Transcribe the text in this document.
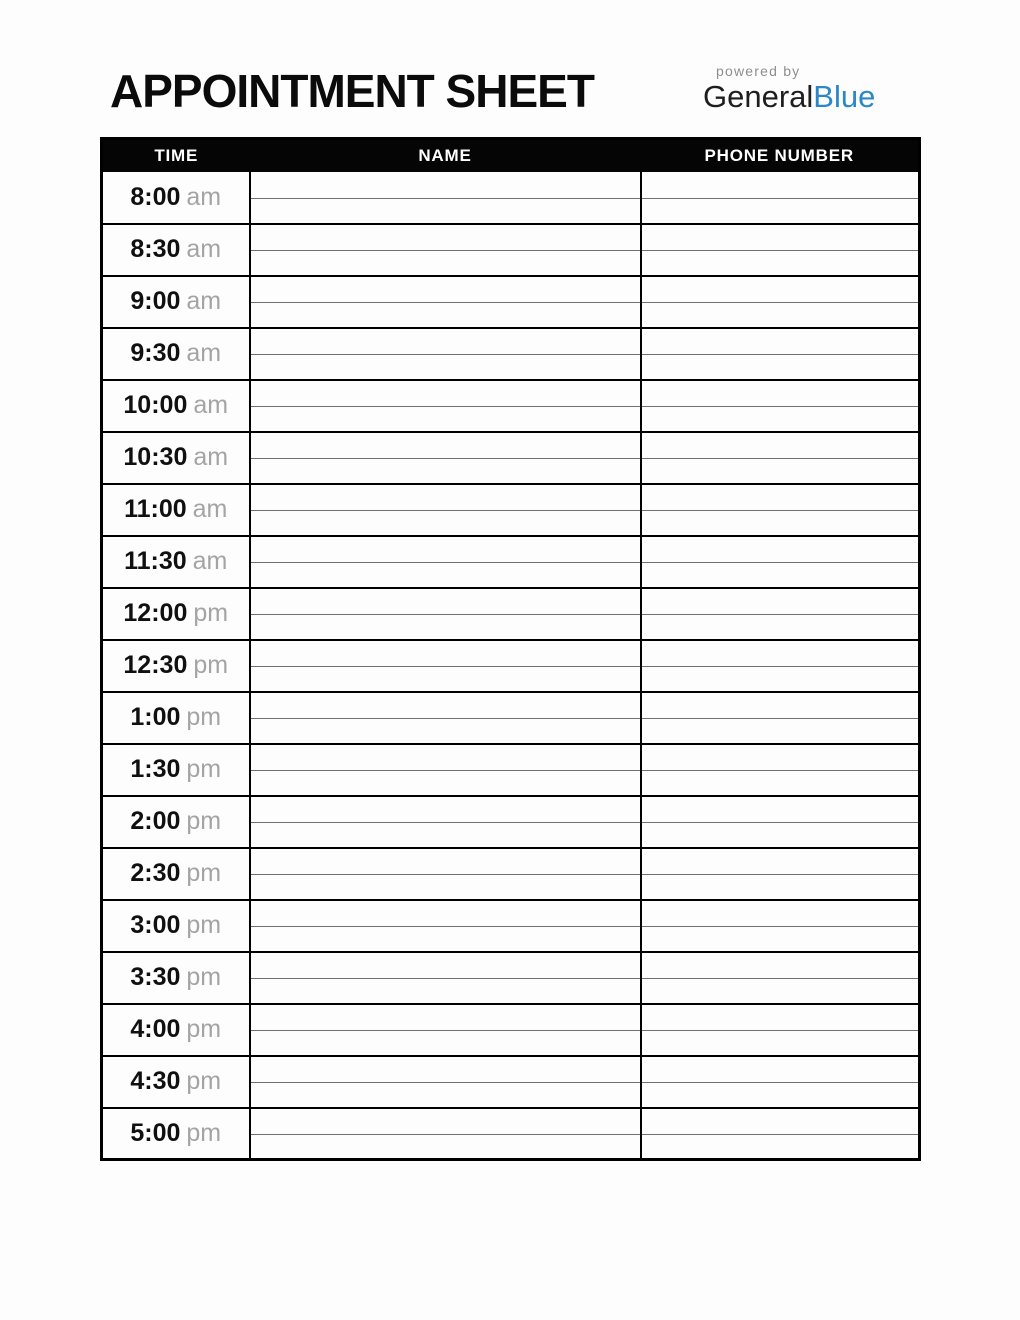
APPOINTMENT SHEET	powered by
GeneralBlue
TIME	NAME	PHONE NUMBER
8:00 am		

8:30 am		

9:00 am		

9:30 am		

10:00 am		

10:30 am		

11:00 am		

11:30 am		

12:00 pm		

12:30 pm		

1:00 pm		

1:30 pm		

2:00 pm		

2:30 pm		

3:00 pm		

3:30 pm		

4:00 pm		

4:30 pm		

5:00 pm		
